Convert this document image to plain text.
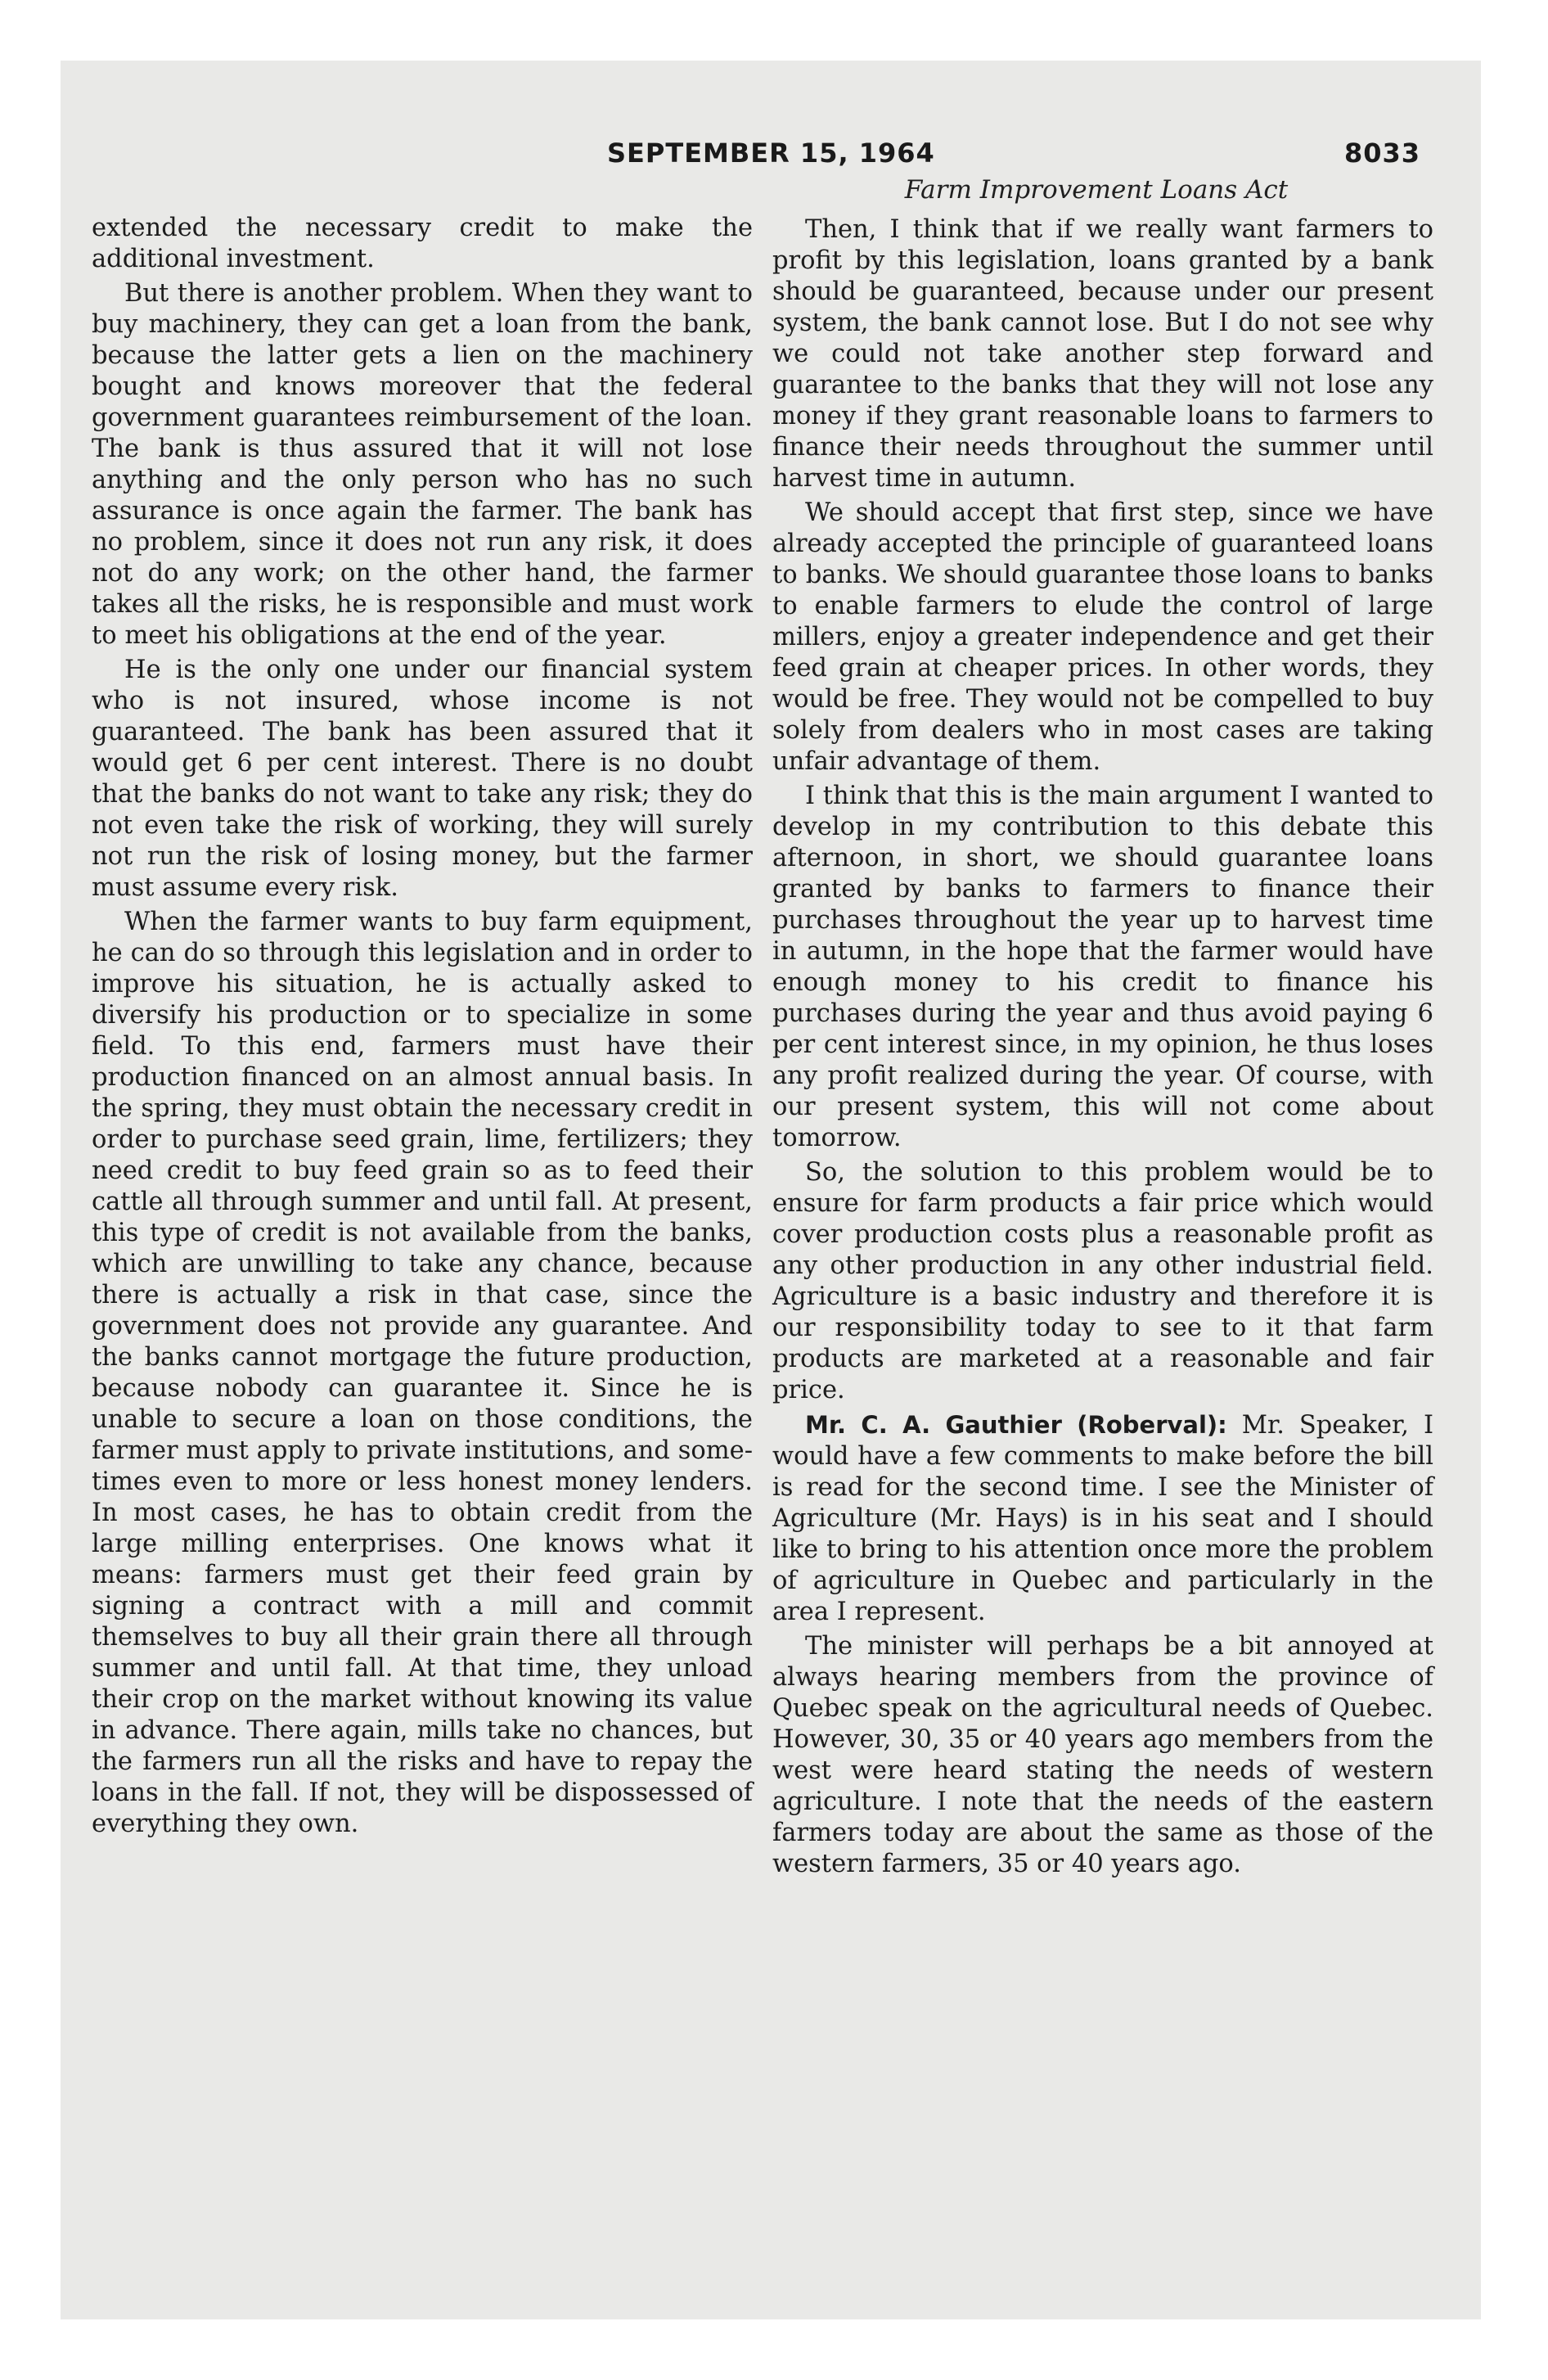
SEPTEMBER 15, 1964	8033
Farm Improvement Loans Act

extended the necessary credit to make the additional investment.

But there is another problem. When they want to buy machinery, they can get a loan from the bank, because the latter gets a lien on the machinery bought and knows moreover that the federal government guarantees reimbursement of the loan. The bank is thus assured that it will not lose anything and the only person who has no such assurance is once again the farmer. The bank has no problem, since it does not run any risk, it does not do any work; on the other hand, the farmer takes all the risks, he is responsible and must work to meet his obligations at the end of the year.

He is the only one under our financial system who is not insured, whose income is not guaranteed. The bank has been assured that it would get 6 per cent interest. There is no doubt that the banks do not want to take any risk; they do not even take the risk of working, they will surely not run the risk of losing money, but the farmer must assume every risk.

When the farmer wants to buy farm equipment, he can do so through this legislation and in order to improve his situation, he is actually asked to diversify his production or to specialize in some field. To this end, farmers must have their production financed on an almost annual basis. In the spring, they must obtain the necessary credit in order to purchase seed grain, lime, fertilizers; they need credit to buy feed grain so as to feed their cattle all through summer and until fall. At present, this type of credit is not available from the banks, which are unwilling to take any chance, because there is actually a risk in that case, since the government does not provide any guarantee. And the banks cannot mortgage the future production, because nobody can guarantee it. Since he is unable to secure a loan on those conditions, the farmer must apply to private institutions, and sometimes even to more or less honest money lenders. In most cases, he has to obtain credit from the large milling enterprises. One knows what it means: farmers must get their feed grain by signing a contract with a mill and commit themselves to buy all their grain there all through summer and until fall. At that time, they unload their crop on the market without knowing its value in advance. There again, mills take no chances, but the farmers run all the risks and have to repay the loans in the fall. If not, they will be dispossessed of everything they own.

Then, I think that if we really want farmers to profit by this legislation, loans granted by a bank should be guaranteed, because under our present system, the bank cannot lose. But I do not see why we could not take another step forward and guarantee to the banks that they will not lose any money if they grant reasonable loans to farmers to finance their needs throughout the summer until harvest time in autumn.

We should accept that first step, since we have already accepted the principle of guaranteed loans to banks. We should guarantee those loans to banks to enable farmers to elude the control of large millers, enjoy a greater independence and get their feed grain at cheaper prices. In other words, they would be free. They would not be compelled to buy solely from dealers who in most cases are taking unfair advantage of them.

I think that this is the main argument I wanted to develop in my contribution to this debate this afternoon, in short, we should guarantee loans granted by banks to farmers to finance their purchases throughout the year up to harvest time in autumn, in the hope that the farmer would have enough money to his credit to finance his purchases during the year and thus avoid paying 6 per cent interest since, in my opinion, he thus loses any profit realized during the year. Of course, with our present system, this will not come about tomorrow.

So, the solution to this problem would be to ensure for farm products a fair price which would cover production costs plus a reasonable profit as any other production in any other industrial field. Agriculture is a basic industry and therefore it is our responsibility today to see to it that farm products are marketed at a reasonable and fair price.

Mr. C. A. Gauthier (Roberval): Mr. Speaker, I would have a few comments to make before the bill is read for the second time. I see the Minister of Agriculture (Mr. Hays) is in his seat and I should like to bring to his attention once more the problem of agriculture in Quebec and particularly in the area I represent.

The minister will perhaps be a bit annoyed at always hearing members from the province of Quebec speak on the agricultural needs of Quebec. However, 30, 35 or 40 years ago members from the west were heard stating the needs of western agriculture. I note that the needs of the eastern farmers today are about the same as those of the western farmers, 35 or 40 years ago.
